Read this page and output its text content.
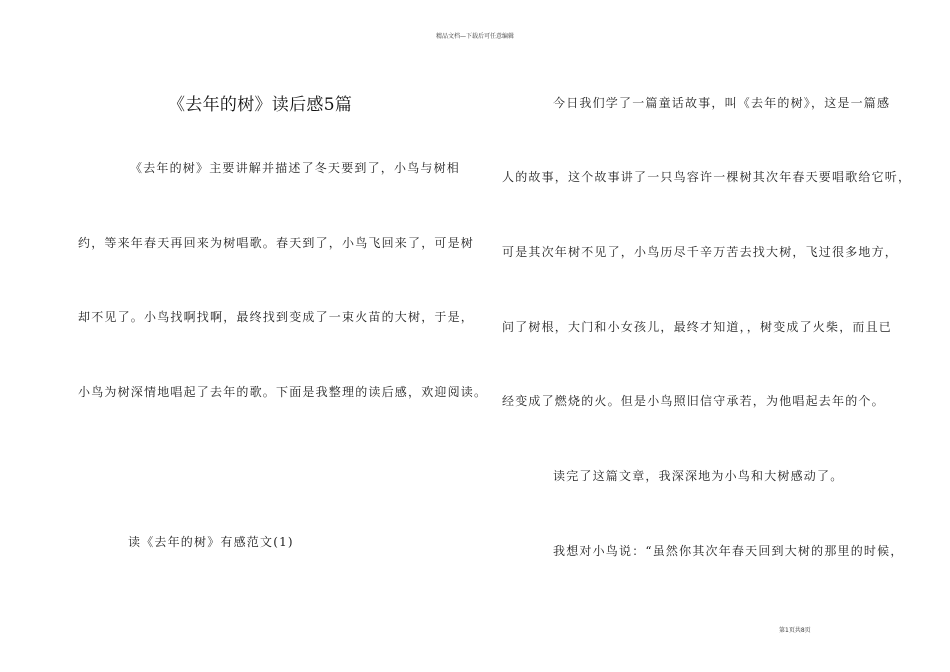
精品文档—下载后可任意编辑
《去年的树》读后感5篇
《去年的树》主要讲解并描述了冬天要到了，小鸟与树相
约，等来年春天再回来为树唱歌。春天到了，小鸟飞回来了，可是树
却不见了。小鸟找啊找啊，最终找到变成了一束火苗的大树，于是，
小鸟为树深情地唱起了去年的歌。下面是我整理的读后感，欢迎阅读。
读《去年的树》有感范文(1)
今日我们学了一篇童话故事，叫《去年的树》，这是一篇感
人的故事，这个故事讲了一只鸟容许一棵树其次年春天要唱歌给它听，
可是其次年树不见了，小鸟历尽千辛万苦去找大树，飞过很多地方，
问了树根，大门和小女孩儿，最终才知道，，树变成了火柴，而且已
经变成了燃烧的火。但是小鸟照旧信守承若，为他唱起去年的个。
读完了这篇文章，我深深地为小鸟和大树感动了。
我想对小鸟说：“虽然你其次年春天回到大树的那里的时候，
第1页共8页
